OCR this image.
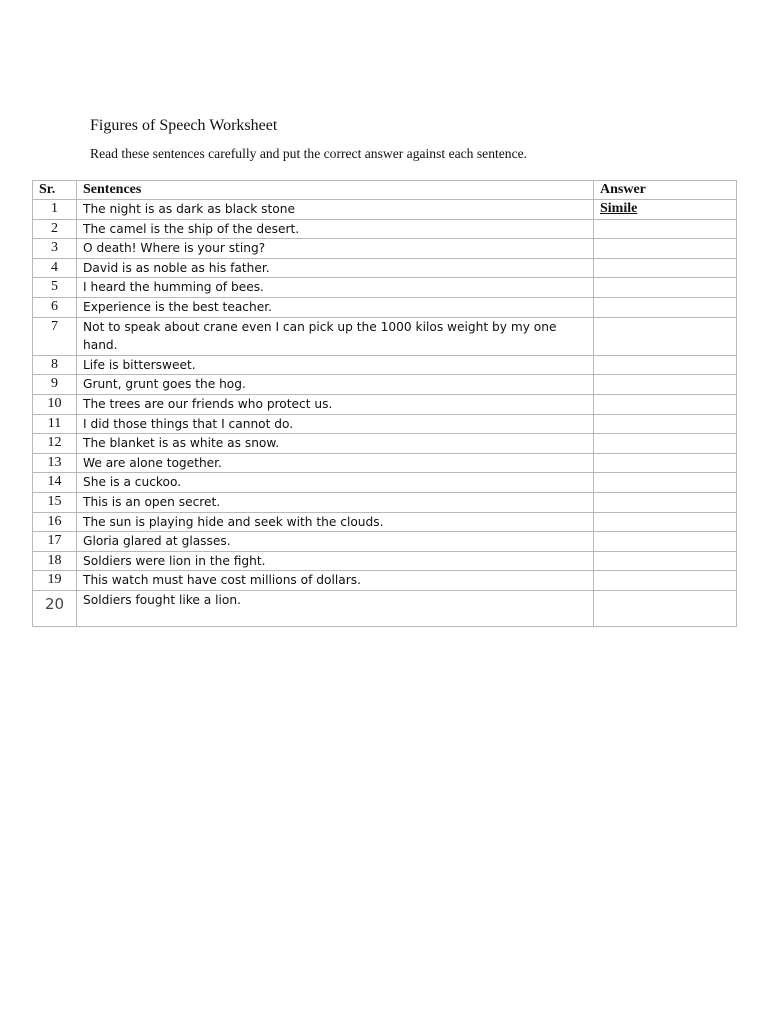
Figures of Speech Worksheet
Read these sentences carefully and put the correct answer against each sentence.
Sr.	Sentences	Answer
1	The night is as dark as black stone	Simile
2	The camel is the ship of the desert.	
3	O death! Where is your sting?	
4	David is as noble as his father.	
5	I heard the humming of bees.	
6	Experience is the best teacher.	
7	Not to speak about crane even I can pick up the 1000 kilos weight by my one hand.	
8	Life is bittersweet.	
9	Grunt, grunt goes the hog.	
10	The trees are our friends who protect us.	
11	I did those things that I cannot do.	
12	The blanket is as white as snow.	
13	We are alone together.	
14	She is a cuckoo.	
15	This is an open secret.	
16	The sun is playing hide and seek with the clouds.	
17	Gloria glared at glasses.	
18	Soldiers were lion in the fight.	
19	This watch must have cost millions of dollars.	
20	Soldiers fought like a lion.	
